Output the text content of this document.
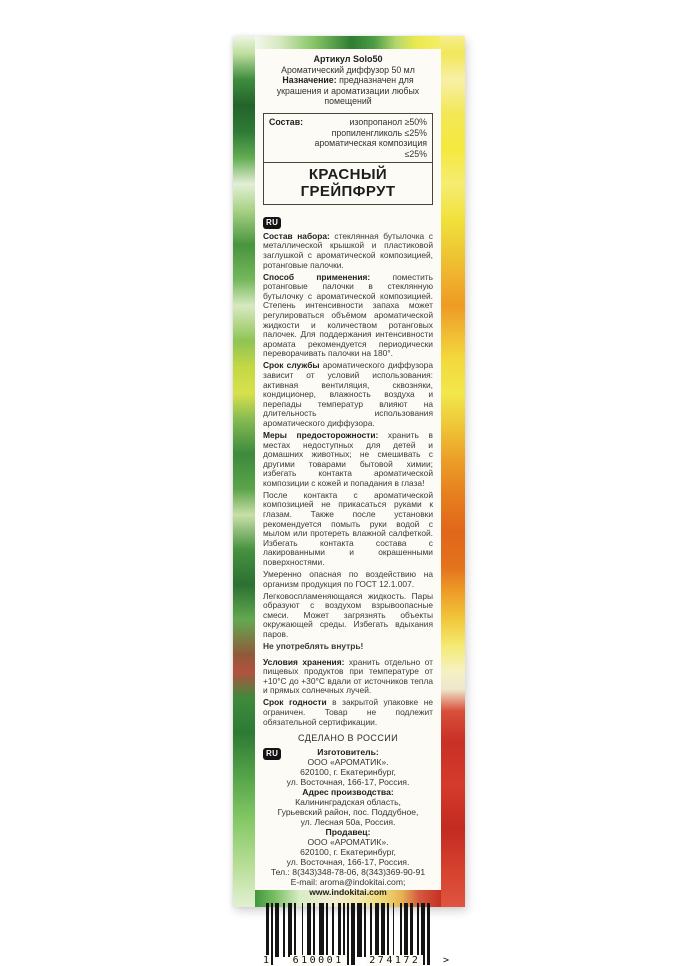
Артикул Solo50
Ароматический диффузор 50 мл
Назначение: предназначен для украшения и ароматизации любых помещений
Состав:	изопропанол ≥50%
пропиленгликоль ≤25%
ароматическая композиция ≤25%
КРАСНЫЙ ГРЕЙПФРУТ
RU

Состав набора: стеклянная бутылочка с металлической крышкой и пластиковой заглушкой с ароматической композицией, ротанговые палочки.

Способ применения: поместить ротанговые палочки в стеклянную бутылочку с ароматической композицией. Степень интенсивности запаха может регулироваться объёмом ароматической жидкости и количеством ротанговых палочек. Для поддержания интенсивности аромата рекомендуется периодически переворачивать палочки на 180°.

Срок службы ароматического диффузора зависит от условий использования: активная вентиляция, сквозняки, кондиционер, влажность воздуха и перепады температур влияют на длительность использования ароматического диффузора.

Меры предосторожности: хранить в местах недоступных для детей и домашних животных; не смешивать с другими товарами бытовой химии; избегать контакта ароматической композиции с кожей и попадания в глаза!

После контакта с ароматической композицией не прикасаться руками к глазам. Также после установки рекомендуется помыть руки водой с мылом или протереть влажной салфеткой. Избегать контакта состава с лакированными и окрашенными поверхностями.

Умеренно опасная по воздействию на организм продукция по ГОСТ 12.1.007.

Легковоспламеняющаяся жидкость. Пары образуют с воздухом взрывоопасные смеси. Может загрязнять объекты окружающей среды. Избегать вдыхания паров.

Не употреблять внутрь!

Условия хранения: хранить отдельно от пищевых продуктов при температуре от +10°С до +30°С вдали от источников тепла и прямых солнечных лучей.

Срок годности в закрытой упаковке не ограничен. Товар не подлежит обязательной сертификации.

СДЕЛАНО В РОССИИ
RU	Изготовитель:
ООО «АРОМАТИК».
620100, г. Екатеринбург,
ул. Восточная, 166-17, Россия.
Адрес производства:
Калининградская область,
Гурьевский район, пос. Поддубное,
ул. Лесная 50а, Россия.
Продавец:
ООО «АРОМАТИК».
620100, г. Екатеринбург,
ул. Восточная, 166-17, Россия.
Тел.: 8(343)348-78-06, 8(343)369-90-91
E-mail: aroma@indokitai.com;
www.indokitai.com
1	610001	274172	>
